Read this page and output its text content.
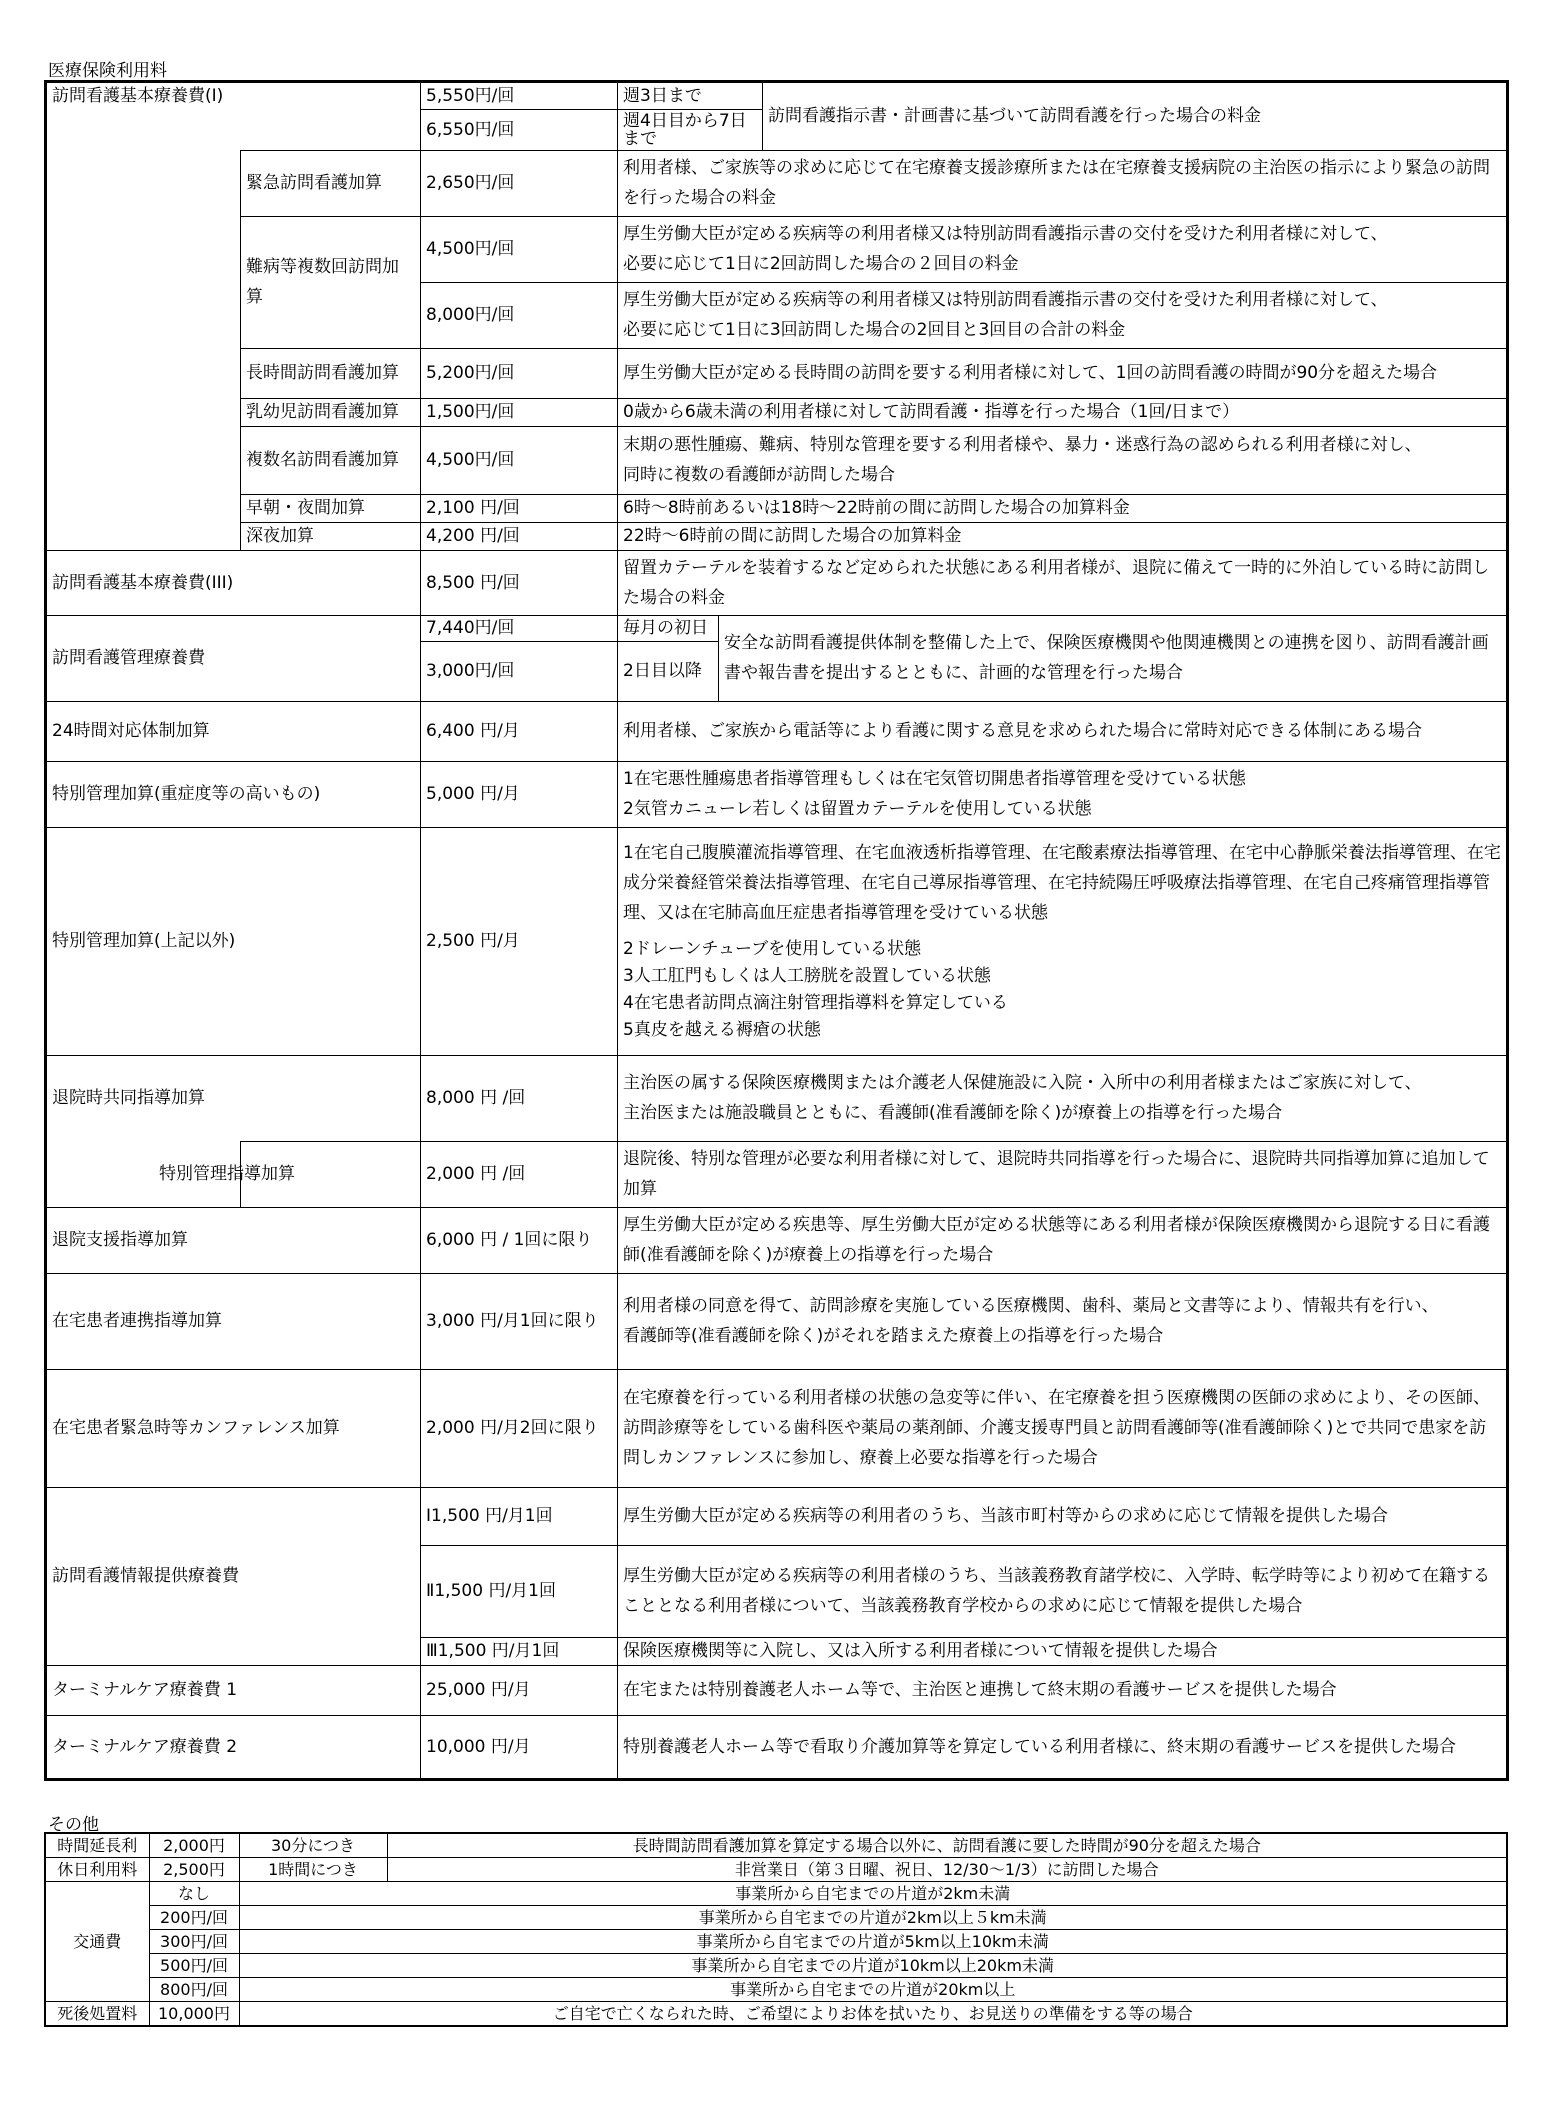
医療保険利用料
訪問看護基本療養費(I)	5,550円/回	週3日まで	訪問看護指示書・計画書に基づいて訪問看護を行った場合の料金
	6,550円/回	週4日目から7日まで
	緊急訪問看護加算	2,650円/回	利用者様、ご家族等の求めに応じて在宅療養支援診療所または在宅療養支援病院の主治医の指示により緊急の訪問を行った場合の料金
	難病等複数回訪問加算	4,500円/回	厚生労働大臣が定める疾病等の利用者様又は特別訪問看護指示書の交付を受けた利用者様に対して、
必要に応じて1日に2回訪問した場合の２回目の料金

	8,000円/回	厚生労働大臣が定める疾病等の利用者様又は特別訪問看護指示書の交付を受けた利用者様に対して、
必要に応じて1日に3回訪問した場合の2回目と3回目の合計の料金

	長時間訪問看護加算	5,200円/回	厚生労働大臣が定める長時間の訪問を要する利用者様に対して、1回の訪問看護の時間が90分を超えた場合
	乳幼児訪問看護加算	1,500円/回	0歳から6歳未満の利用者様に対して訪問看護・指導を行った場合（1回/日まで）
	複数名訪問看護加算	4,500円/回	末期の悪性腫瘍、難病、特別な管理を要する利用者様や、暴力・迷惑行為の認められる利用者様に対し、
同時に複数の看護師が訪問した場合

	早朝・夜間加算	2,100 円/回	6時～8時前あるいは18時～22時前の間に訪問した場合の加算料金
	深夜加算	4,200 円/回	22時～6時前の間に訪問した場合の加算料金
訪問看護基本療養費(III)	8,500 円/回	留置カテーテルを装着するなど定められた状態にある利用者様が、退院に備えて一時的に外泊している時に訪問した場合の料金
訪問看護管理療養費	7,440円/回	毎月の初日	安全な訪問看護提供体制を整備した上で、保険医療機関や他関連機関との連携を図り、訪問看護計画書や報告書を提出するとともに、計画的な管理を行った場合
3,000円/回	2日目以降
24時間対応体制加算	6,400 円/月	利用者様、ご家族から電話等により看護に関する意見を求められた場合に常時対応できる体制にある場合
特別管理加算(重症度等の高いもの)	5,000 円/月	1在宅悪性腫瘍患者指導管理もしくは在宅気管切開患者指導管理を受けている状態
2気管カニューレ若しくは留置カテーテルを使用している状態

特別管理加算(上記以外)	2,500 円/月	1在宅自己腹膜灌流指導管理、在宅血液透析指導管理、在宅酸素療法指導管理、在宅中心静脈栄養法指導管理、在宅成分栄養経管栄養法指導管理、在宅自己導尿指導管理、在宅持続陽圧呼吸療法指導管理、在宅自己疼痛管理指導管理、又は在宅肺高血圧症患者指導管理を受けている状態
2ドレーンチューブを使用している状態
3人工肛門もしくは人工膀胱を設置している状態
4在宅患者訪問点滴注射管理指導料を算定している
5真皮を越える褥瘡の状態

退院時共同指導加算	8,000 円 /回	主治医の属する保険医療機関または介護老人保健施設に入院・入所中の利用者様またはご家族に対して、
主治医または施設職員とともに、看護師(准看護師を除く)が療養上の指導を行った場合

	特別管理指導加算	2,000 円 /回	退院後、特別な管理が必要な利用者様に対して、退院時共同指導を行った場合に、退院時共同指導加算に追加して加算
退院支援指導加算	6,000 円 / 1回に限り	厚生労働大臣が定める疾患等、厚生労働大臣が定める状態等にある利用者様が保険医療機関から退院する日に看護師(准看護師を除く)が療養上の指導を行った場合
在宅患者連携指導加算	3,000 円/月1回に限り	利用者様の同意を得て、訪問診療を実施している医療機関、歯科、薬局と文書等により、情報共有を行い、
看護師等(准看護師を除く)がそれを踏まえた療養上の指導を行った場合

在宅患者緊急時等カンファレンス加算	2,000 円/月2回に限り	在宅療養を行っている利用者様の状態の急変等に伴い、在宅療養を担う医療機関の医師の求めにより、その医師、訪問診療等をしている歯科医や薬局の薬剤師、介護支援専門員と訪問看護師等(准看護師除く)とで共同で患家を訪問しカンファレンスに参加し、療養上必要な指導を行った場合
訪問看護情報提供療養費	Ⅰ1,500 円/月1回	厚生労働大臣が定める疾病等の利用者のうち、当該市町村等からの求めに応じて情報を提供した場合
Ⅱ1,500 円/月1回	厚生労働大臣が定める疾病等の利用者様のうち、当該義務教育諸学校に、入学時、転学時等により初めて在籍することとなる利用者様について、当該義務教育学校からの求めに応じて情報を提供した場合
Ⅲ1,500 円/月1回	保険医療機関等に入院し、又は入所する利用者様について情報を提供した場合
ターミナルケア療養費 1	25,000 円/月	在宅または特別養護老人ホーム等で、主治医と連携して終末期の看護サービスを提供した場合
ターミナルケア療養費 2	10,000 円/月	特別養護老人ホーム等で看取り介護加算等を算定している利用者様に、終末期の看護サービスを提供した場合
その他
時間延長利	2,000円	30分につき	長時間訪問看護加算を算定する場合以外に、訪問看護に要した時間が90分を超えた場合
休日利用料	2,500円	1時間につき	非営業日（第３日曜、祝日、12/30～1/3）に訪問した場合
交通費	なし	事業所から自宅までの片道が2km未満	
	200円/回	事業所から自宅までの片道が2km以上５km未満	
	300円/回	事業所から自宅までの片道が5km以上10km未満	
	500円/回	事業所から自宅までの片道が10km以上20km未満	
	800円/回	事業所から自宅までの片道が20km以上	
死後処置料	10,000円	ご自宅で亡くなられた時、ご希望によりお体を拭いたり、お見送りの準備をする等の場合	
